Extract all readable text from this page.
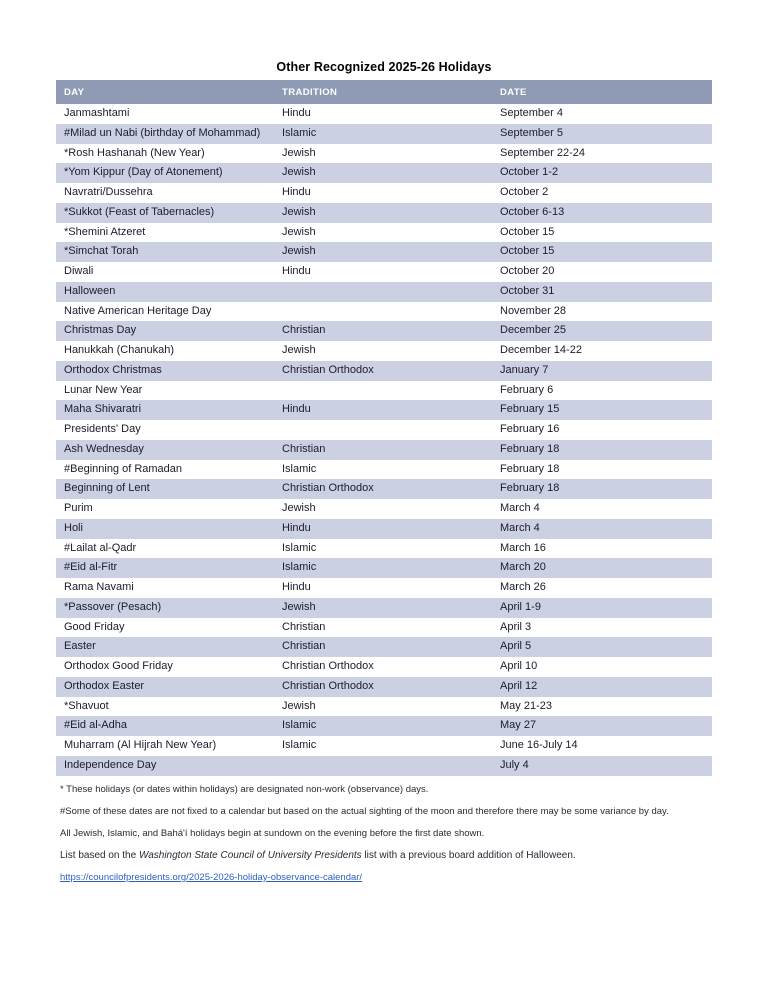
Other Recognized 2025-26 Holidays
DAY	TRADITION	DATE
Janmashtami	Hindu	September 4
#Milad un Nabi (birthday of Mohammad)	Islamic	September 5
*Rosh Hashanah (New Year)	Jewish	September 22-24
*Yom Kippur (Day of Atonement)	Jewish	October 1-2
Navratri/Dussehra	Hindu	October 2
*Sukkot (Feast of Tabernacles)	Jewish	October 6-13
*Shemini Atzeret	Jewish	October 15
*Simchat Torah	Jewish	October 15
Diwali	Hindu	October 20
Halloween		October 31
Native American Heritage Day		November 28
Christmas Day	Christian	December 25
Hanukkah (Chanukah)	Jewish	December 14-22
Orthodox Christmas	Christian Orthodox	January 7
Lunar New Year		February 6
Maha Shivaratri	Hindu	February 15
Presidents' Day		February 16
Ash Wednesday	Christian	February 18
#Beginning of Ramadan	Islamic	February 18
Beginning of Lent	Christian Orthodox	February 18
Purim	Jewish	March 4
Holi	Hindu	March 4
#Lailat al-Qadr	Islamic	March 16
#Eid al-Fitr	Islamic	March 20
Rama Navami	Hindu	March 26
*Passover (Pesach)	Jewish	April 1-9
Good Friday	Christian	April 3
Easter	Christian	April 5
Orthodox Good Friday	Christian Orthodox	April 10
Orthodox Easter	Christian Orthodox	April 12
*Shavuot	Jewish	May 21-23
#Eid al-Adha	Islamic	May 27
Muharram (Al Hijrah New Year)	Islamic	June 16-July 14
Independence Day		July 4
* These holidays (or dates within holidays) are designated non-work (observance) days.
#Some of these dates are not fixed to a calendar but based on the actual sighting of the moon and therefore there may be some variance by day.
All Jewish, Islamic, and Bahá'í holidays begin at sundown on the evening before the first date shown.
List based on the Washington State Council of University Presidents list with a previous board addition of Halloween.
https://councilofpresidents.org/2025-2026-holiday-observance-calendar/
